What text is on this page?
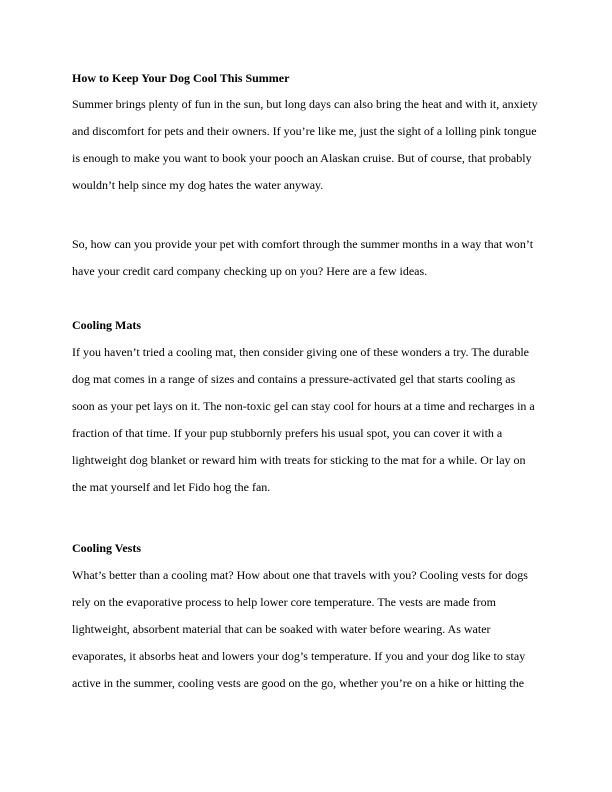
How to Keep Your Dog Cool This Summer
Summer brings plenty of fun in the sun, but long days can also bring the heat and with it, anxiety
and discomfort for pets and their owners. If you’re like me, just the sight of a lolling pink tongue
is enough to make you want to book your pooch an Alaskan cruise. But of course, that probably
wouldn’t help since my dog hates the water anyway.
So, how can you provide your pet with comfort through the summer months in a way that won’t
have your credit card company checking up on you? Here are a few ideas.
Cooling Mats
If you haven’t tried a cooling mat, then consider giving one of these wonders a try. The durable
dog mat comes in a range of sizes and contains a pressure-activated gel that starts cooling as
soon as your pet lays on it. The non-toxic gel can stay cool for hours at a time and recharges in a
fraction of that time. If your pup stubbornly prefers his usual spot, you can cover it with a
lightweight dog blanket or reward him with treats for sticking to the mat for a while. Or lay on
the mat yourself and let Fido hog the fan.
Cooling Vests
What’s better than a cooling mat? How about one that travels with you? Cooling vests for dogs
rely on the evaporative process to help lower core temperature. The vests are made from
lightweight, absorbent material that can be soaked with water before wearing. As water
evaporates, it absorbs heat and lowers your dog’s temperature. If you and your dog like to stay
active in the summer, cooling vests are good on the go, whether you’re on a hike or hitting the
